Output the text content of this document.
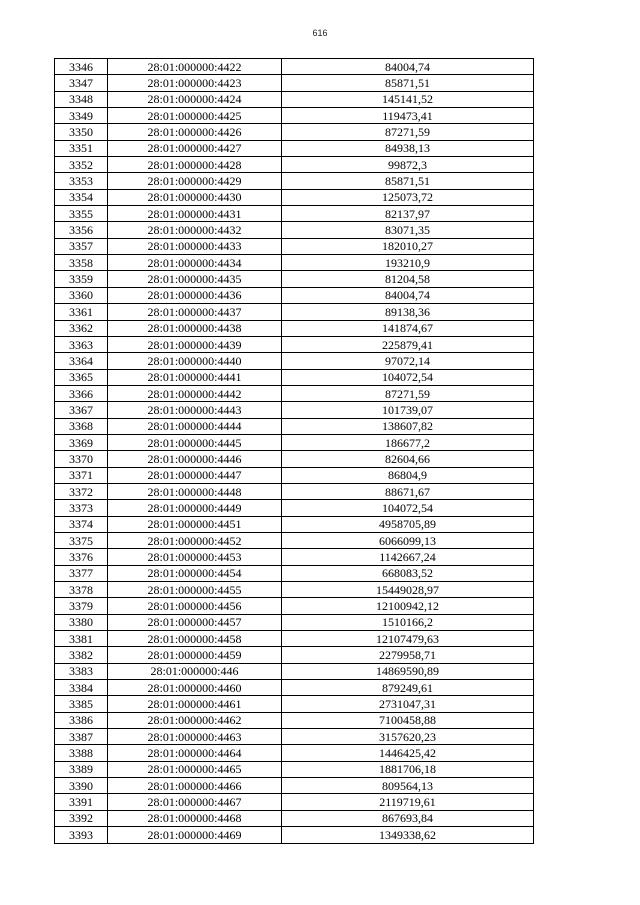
616
3346	28:01:000000:4422	84004,74
3347	28:01:000000:4423	85871,51
3348	28:01:000000:4424	145141,52
3349	28:01:000000:4425	119473,41
3350	28:01:000000:4426	87271,59
3351	28:01:000000:4427	84938,13
3352	28:01:000000:4428	99872,3
3353	28:01:000000:4429	85871,51
3354	28:01:000000:4430	125073,72
3355	28:01:000000:4431	82137,97
3356	28:01:000000:4432	83071,35
3357	28:01:000000:4433	182010,27
3358	28:01:000000:4434	193210,9
3359	28:01:000000:4435	81204,58
3360	28:01:000000:4436	84004,74
3361	28:01:000000:4437	89138,36
3362	28:01:000000:4438	141874,67
3363	28:01:000000:4439	225879,41
3364	28:01:000000:4440	97072,14
3365	28:01:000000:4441	104072,54
3366	28:01:000000:4442	87271,59
3367	28:01:000000:4443	101739,07
3368	28:01:000000:4444	138607,82
3369	28:01:000000:4445	186677,2
3370	28:01:000000:4446	82604,66
3371	28:01:000000:4447	86804,9
3372	28:01:000000:4448	88671,67
3373	28:01:000000:4449	104072,54
3374	28:01:000000:4451	4958705,89
3375	28:01:000000:4452	6066099,13
3376	28:01:000000:4453	1142667,24
3377	28:01:000000:4454	668083,52
3378	28:01:000000:4455	15449028,97
3379	28:01:000000:4456	12100942,12
3380	28:01:000000:4457	1510166,2
3381	28:01:000000:4458	12107479,63
3382	28:01:000000:4459	2279958,71
3383	28:01:000000:446	14869590,89
3384	28:01:000000:4460	879249,61
3385	28:01:000000:4461	2731047,31
3386	28:01:000000:4462	7100458,88
3387	28:01:000000:4463	3157620,23
3388	28:01:000000:4464	1446425,42
3389	28:01:000000:4465	1881706,18
3390	28:01:000000:4466	809564,13
3391	28:01:000000:4467	2119719,61
3392	28:01:000000:4468	867693,84
3393	28:01:000000:4469	1349338,62
